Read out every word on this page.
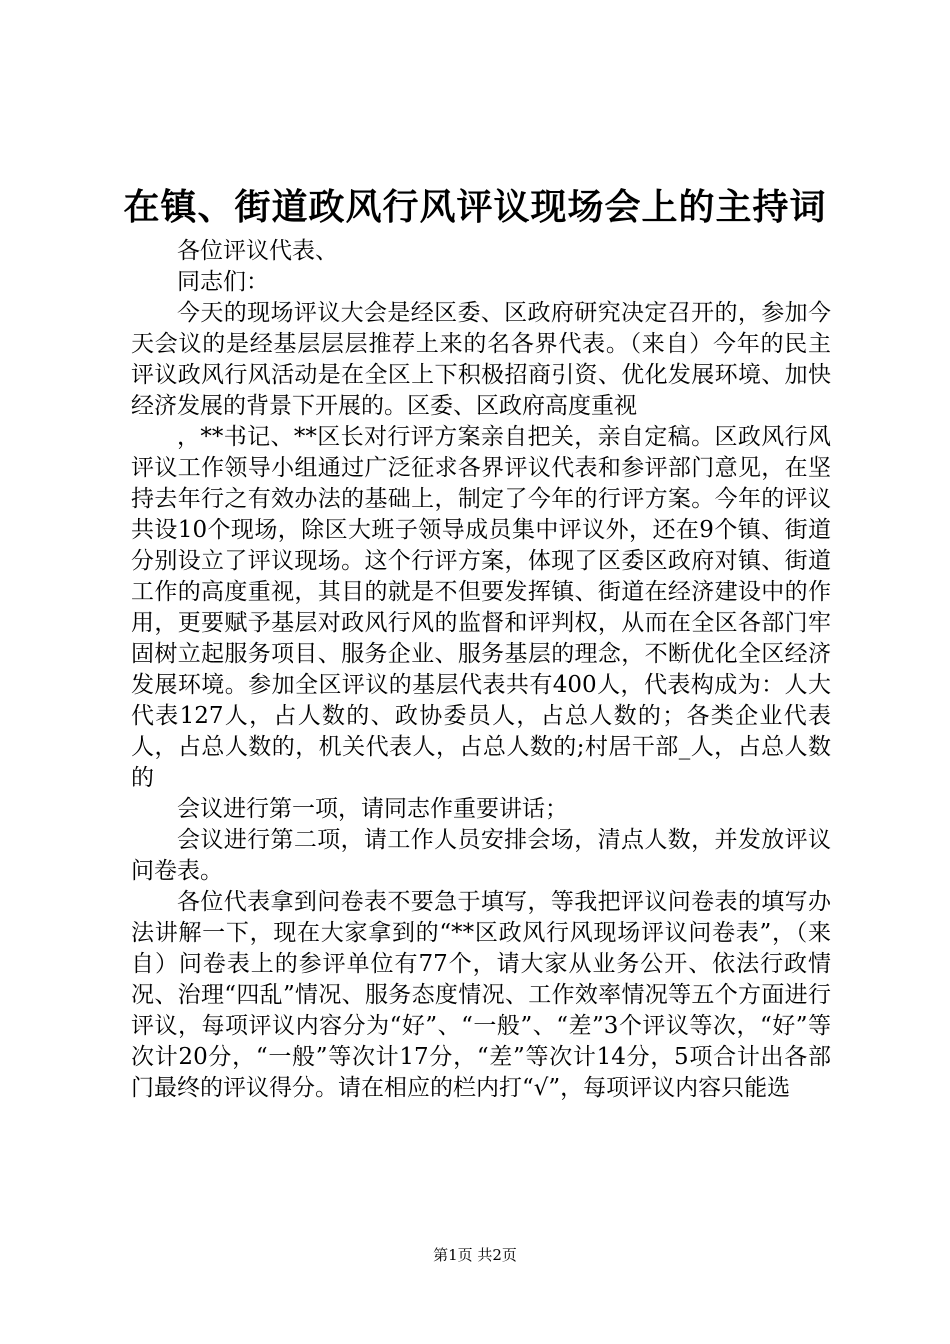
在镇、街道政风行风评议现场会上的主持词

各位评议代表、

同志们：

今天的现场评议大会是经区委、区政府研究决定召开的，参加今天会议的是经基层层层推荐上来的名各界代表。（来自）今年的民主评议政风行风活动是在全区上下积极招商引资、优化发展环境、加快经济发展的背景下开展的。区委、区政府高度重视

，**书记、**区长对行评方案亲自把关，亲自定稿。区政风行风评议工作领导小组通过广泛征求各界评议代表和参评部门意见，在坚持去年行之有效办法的基础上，制定了今年的行评方案。今年的评议共设10个现场，除区大班子领导成员集中评议外，还在9个镇、街道分别设立了评议现场。这个行评方案，体现了区委区政府对镇、街道工作的高度重视，其目的就是不但要发挥镇、街道在经济建设中的作用，更要赋予基层对政风行风的监督和评判权，从而在全区各部门牢固树立起服务项目、服务企业、服务基层的理念，不断优化全区经济发展环境。参加全区评议的基层代表共有400人，代表构成为：人大代表127人，占人数的、政协委员人，占总人数的；各类企业代表人，占总人数的，机关代表人，占总人数的;村居干部_人，占总人数的

会议进行第一项，请同志作重要讲话；

会议进行第二项，请工作人员安排会场，清点人数，并发放评议问卷表。

各位代表拿到问卷表不要急于填写，等我把评议问卷表的填写办法讲解一下，现在大家拿到的“**区政风行风现场评议问卷表”，（来自）问卷表上的参评单位有77个，请大家从业务公开、依法行政情况、治理“四乱”情况、服务态度情况、工作效率情况等五个方面进行评议，每项评议内容分为“好”、“一般”、“差”3个评议等次，“好”等次计20分，“一般”等次计17分，“差”等次计14分，5项合计出各部门最终的评议得分。请在相应的栏内打“√”，每项评议内容只能选

第1页 共2页
